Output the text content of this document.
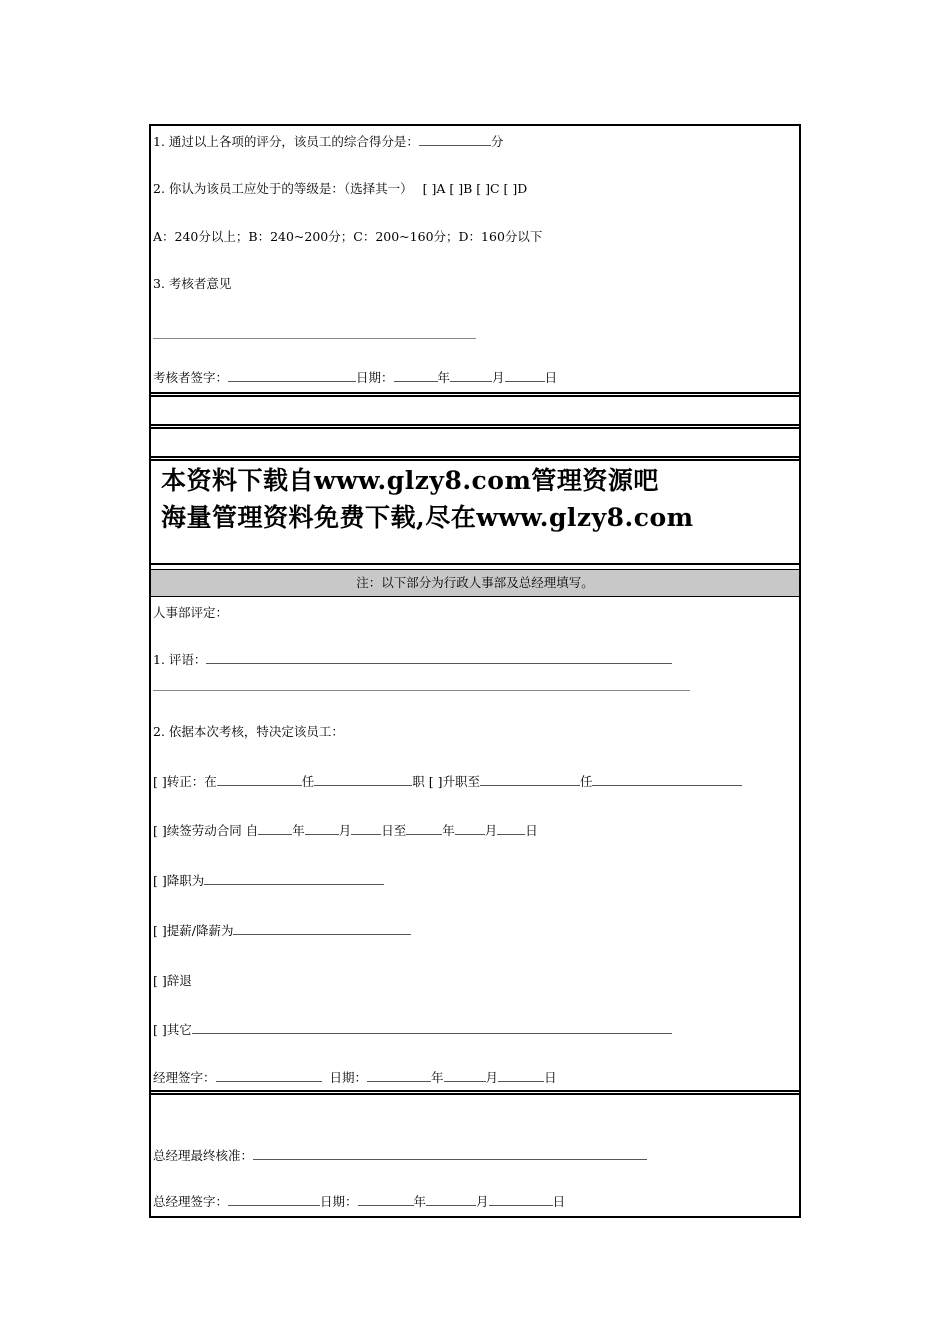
1. 通过以上各项的评分，该员工的综合得分是：	分
2. 你认为该员工应处于的等级是：（选择其一） [ ]A [ ]B [ ]C [ ]D
A：240分以上；B：240~200分；C：200~160分；D：160分以下
3. 考核者意见
考核者签字：	日期：	年	月	日
本资料下载自www.glzy8.com管理资源吧
海量管理资料免费下载,尽在www.glzy8.com
注：以下部分为行政人事部及总经理填写。
人事部评定：
1. 评语：
2. 依据本次考核，特决定该员工：
[ ]转正：在	任	职 [ ]升职至	任
[ ]续签劳动合同 自	年	月 日至	年 月 日
[ ]降职为
[ ]提薪/降薪为
[ ]辞退
[ ]其它
经理签字：	日期：	年	月	日
总经理最终核准：
总经理签字：	日期：	年	月	日
